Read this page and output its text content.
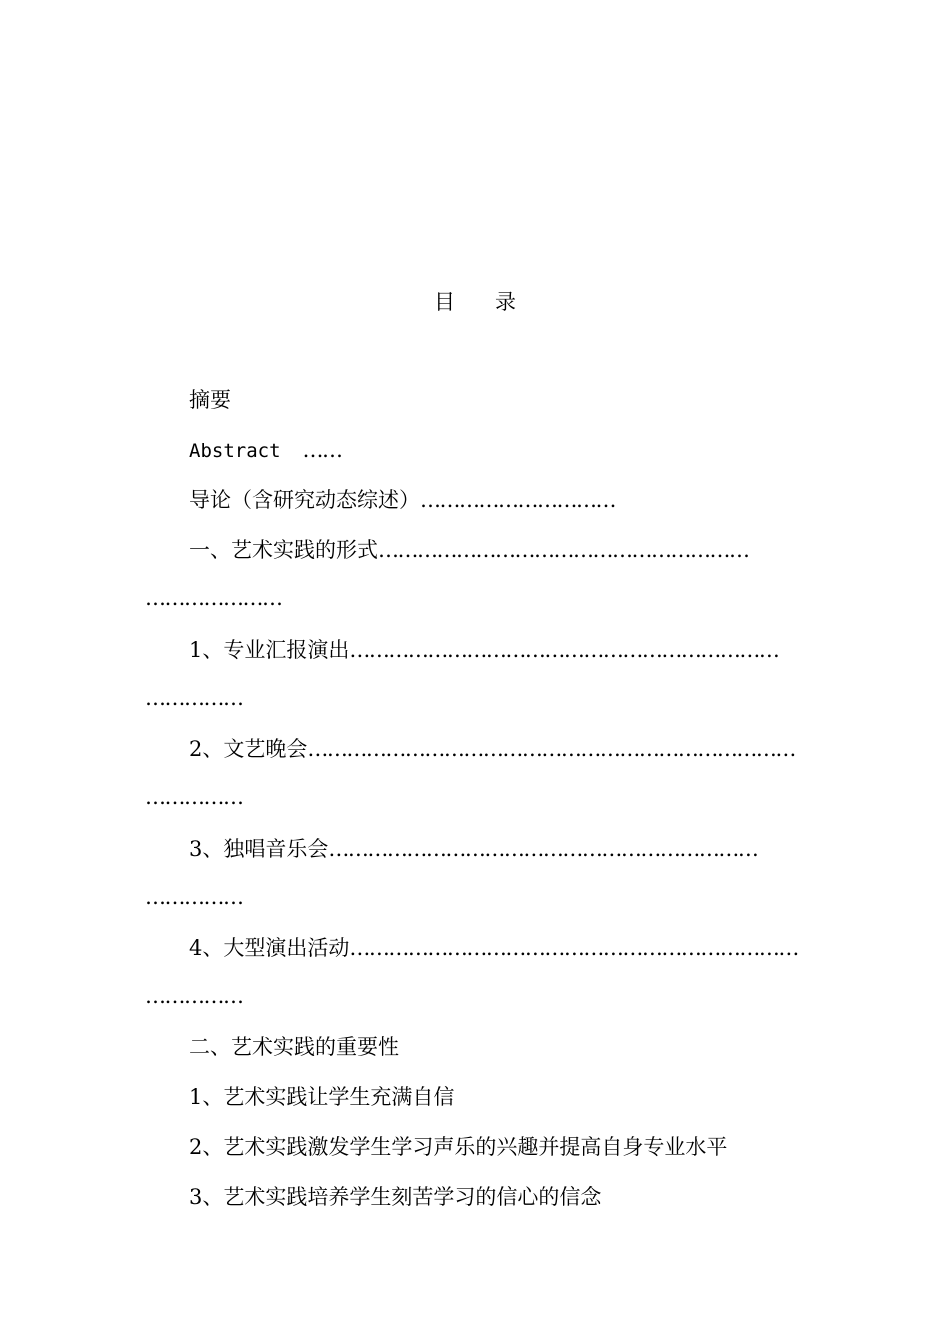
目 录
摘要
Abstract ……
导论（含研究动态综述）…………………………
一、艺术实践的形式…………………………………………………
…………………
1、专业汇报演出…………………………………………………………
……………
2、文艺晚会…………………………………………………………………
……………
3、独唱音乐会…………………………………………………………
……………
4、大型演出活动……………………………………………………………
……………
二、艺术实践的重要性
1、艺术实践让学生充满自信
2、艺术实践激发学生学习声乐的兴趣并提高自身专业水平
3、艺术实践培养学生刻苦学习的信心的信念
